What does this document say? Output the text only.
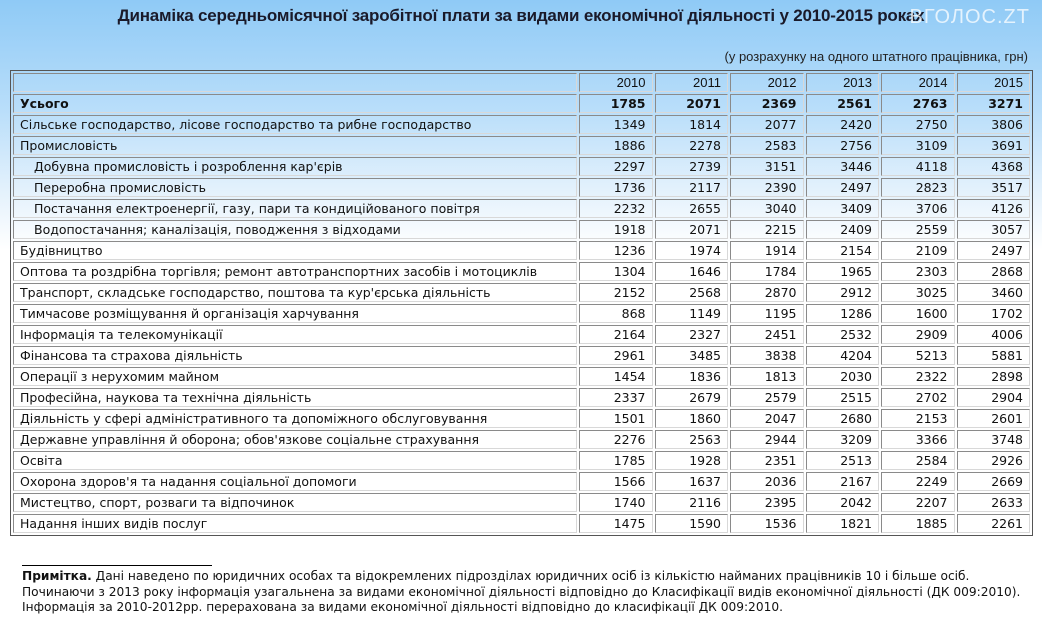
Динаміка середньомісячної заробітної плати за видами економічної діяльності у 2010-2015 роках
ВГОЛОС.ZT
(у розрахунку на одного штатного працівника, грн)
	2010	2011	2012	2013	2014	2015
Усього	1785	2071	2369	2561	2763	3271
Сільське господарство, лісове господарство та рибне господарство	1349	1814	2077	2420	2750	3806
Промисловість	1886	2278	2583	2756	3109	3691
Добувна промисловість і розроблення кар'єрів	2297	2739	3151	3446	4118	4368
Переробна промисловість	1736	2117	2390	2497	2823	3517
Постачання електроенергії, газу, пари та кондиційованого повітря	2232	2655	3040	3409	3706	4126
Водопостачання; каналізація, поводження з відходами	1918	2071	2215	2409	2559	3057
Будівництво	1236	1974	1914	2154	2109	2497
Оптова та роздрібна торгівля; ремонт автотранспортних засобів і мотоциклів	1304	1646	1784	1965	2303	2868
Транспорт, складське господарство, поштова та кур'єрська діяльність	2152	2568	2870	2912	3025	3460
Тимчасове розміщування й організація харчування	868	1149	1195	1286	1600	1702
Інформація та телекомунікації	2164	2327	2451	2532	2909	4006
Фінансова та страхова діяльність	2961	3485	3838	4204	5213	5881
Операції з нерухомим майном	1454	1836	1813	2030	2322	2898
Професійна, наукова та технічна діяльність	2337	2679	2579	2515	2702	2904
Діяльність у сфері адміністративного та допоміжного обслуговування	1501	1860	2047	2680	2153	2601
Державне управління й оборона; обов'язкове соціальне страхування	2276	2563	2944	3209	3366	3748
Освіта	1785	1928	2351	2513	2584	2926
Охорона здоров'я та надання соціальної допомоги	1566	1637	2036	2167	2249	2669
Мистецтво, спорт, розваги та відпочинок	1740	2116	2395	2042	2207	2633
Надання інших видів послуг	1475	1590	1536	1821	1885	2261

Примітка. Дані наведено по юридичних особах та відокремлених підрозділах юридичних осіб із кількістю найманих працівників 10 і більше осіб.

Починаючи з 2013 року інформація узагальнена за видами економічної діяльності відповідно до Класифікації видів економічної діяльності (ДК 009:2010).

Інформація за 2010-2012рр. перерахована за видами економічної діяльності відповідно до класифікації ДК 009:2010.
